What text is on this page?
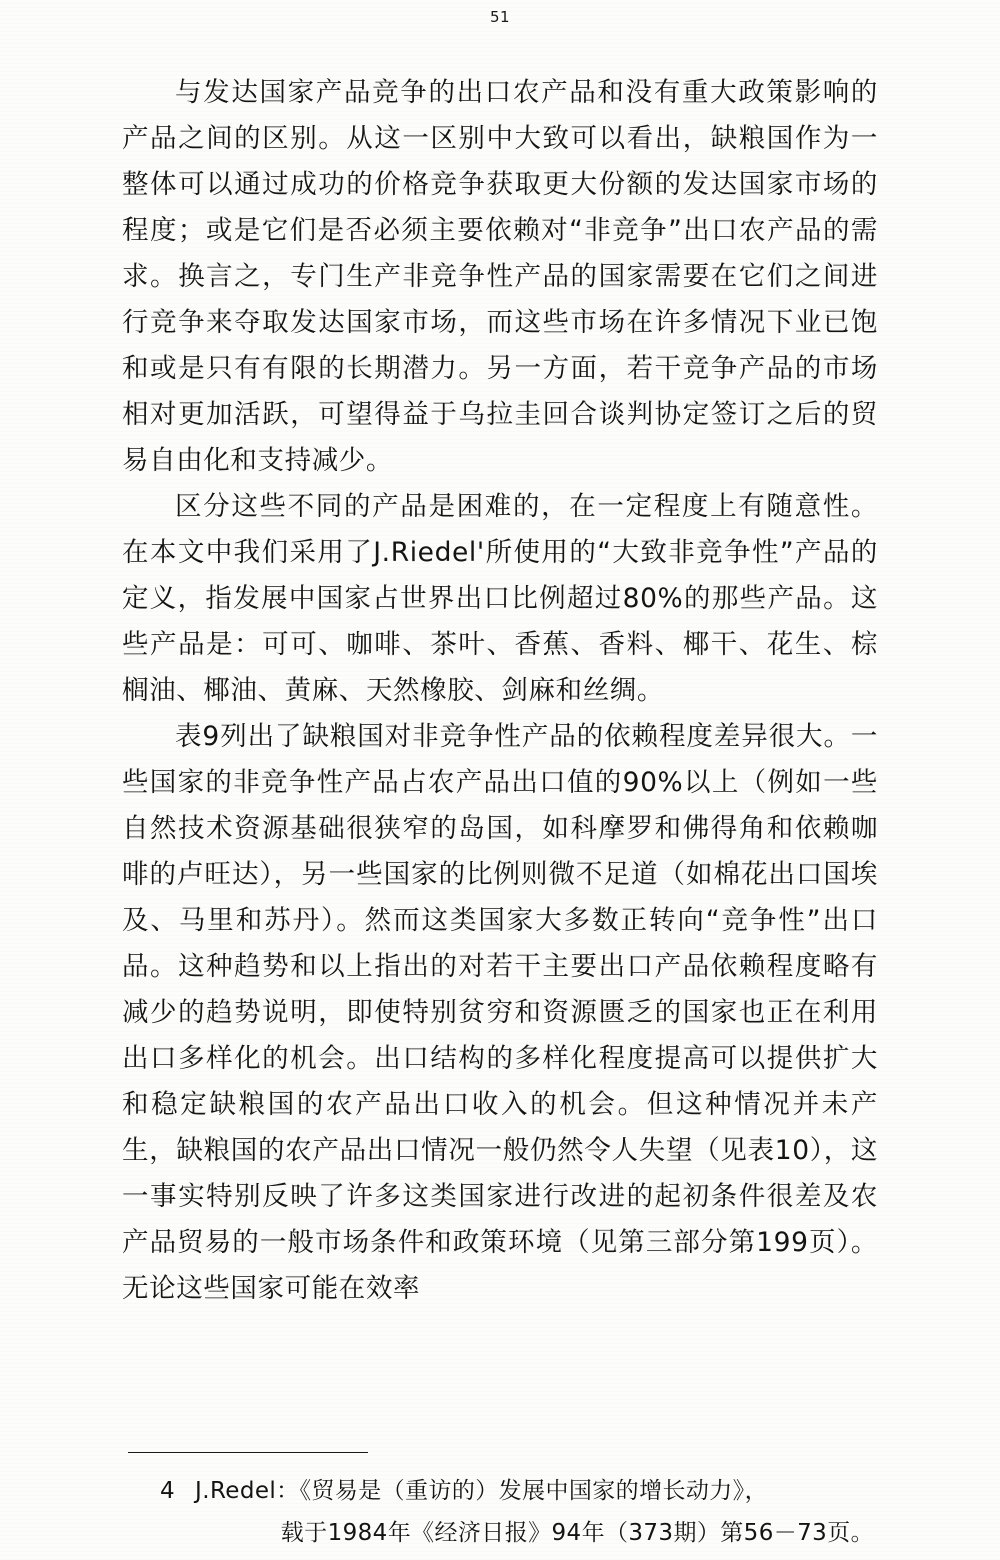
51

与发达国家产品竞争的出口农产品和没有重大政策影响的产品之间的区别。从这一区别中大致可以看出，缺粮国作为一整体可以通过成功的价格竞争获取更大份额的发达国家市场的程度；或是它们是否必须主要依赖对“非竞争”出口农产品的需求。换言之，专门生产非竞争性产品的国家需要在它们之间进行竞争来夺取发达国家市场，而这些市场在许多情况下业已饱和或是只有有限的长期潜力。另一方面，若干竞争产品的市场相对更加活跃，可望得益于乌拉圭回合谈判协定签订之后的贸易自由化和支持减少。

区分这些不同的产品是困难的，在一定程度上有随意性。在本文中我们采用了J.Riedel'所使用的“大致非竞争性”产品的定义，指发展中国家占世界出口比例超过80%的那些产品。这些产品是：可可、咖啡、茶叶、香蕉、香料、椰干、花生、棕榈油、椰油、黄麻、天然橡胶、剑麻和丝绸。

表9列出了缺粮国对非竞争性产品的依赖程度差异很大。一些国家的非竞争性产品占农产品出口值的90%以上（例如一些自然技术资源基础很狭窄的岛国，如科摩罗和佛得角和依赖咖啡的卢旺达），另一些国家的比例则微不足道（如棉花出口国埃及、马里和苏丹）。然而这类国家大多数正转向“竞争性”出口品。这种趋势和以上指出的对若干主要出口产品依赖程度略有减少的趋势说明，即使特别贫穷和资源匮乏的国家也正在利用出口多样化的机会。出口结构的多样化程度提高可以提供扩大和稳定缺粮国的农产品出口收入的机会。但这种情况并未产生，缺粮国的农产品出口情况一般仍然令人失望（见表10），这一事实特别反映了许多这类国家进行改进的起初条件很差及农产品贸易的一般市场条件和政策环境（见第三部分第199页）。 无论这些国家可能在效率

4 J.Redel：《贸易是（重访的）发展中国家的增长动力》，
载于1984年《经济日报》94年（373期）第56－73页。
